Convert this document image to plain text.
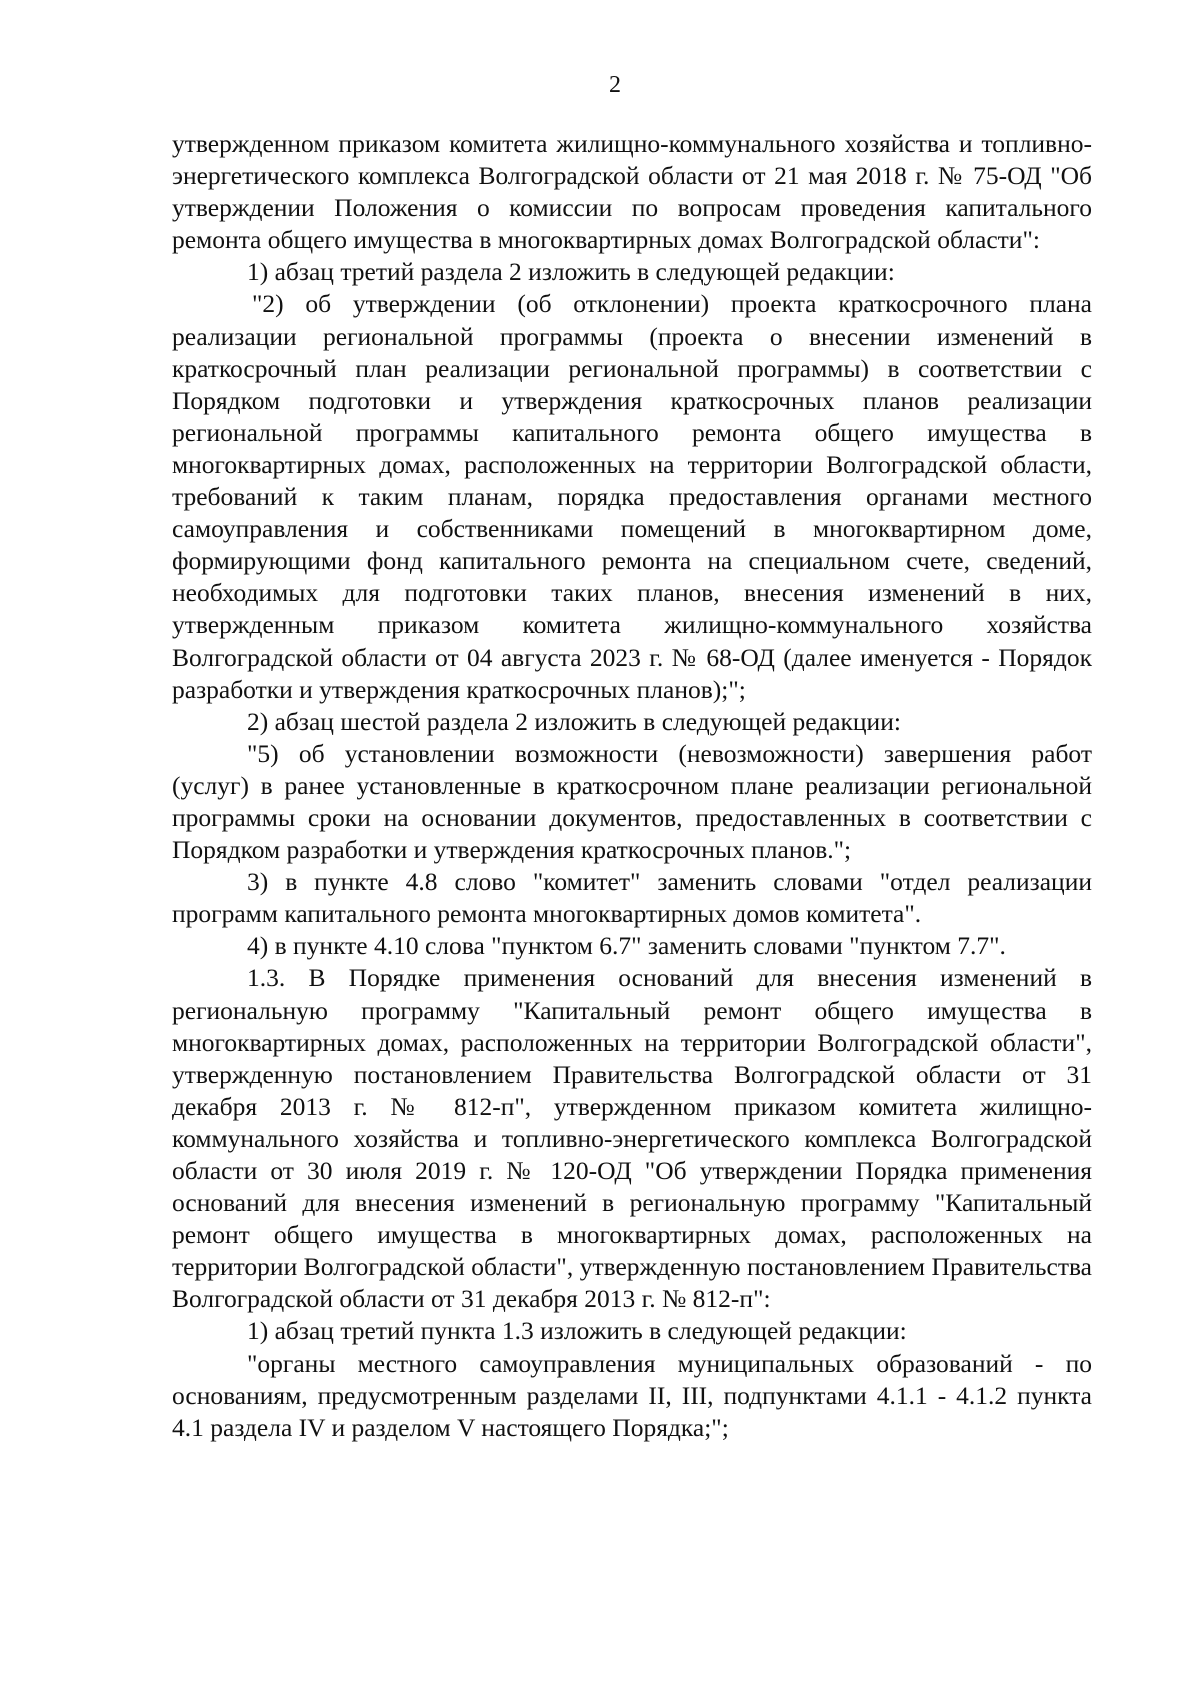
2

утвержденном приказом комитета жилищно-коммунального хозяйства и топливно-энергетического комплекса Волгоградской области от 21 мая 2018 г. № 75-ОД "Об утверждении Положения о комиссии по вопросам проведения капитального ремонта общего имущества в многоквартирных домах Волгоградской области":

1) абзац третий раздела 2 изложить в следующей редакции:

"2) об утверждении (об отклонении) проекта краткосрочного плана реализации региональной программы (проекта о внесении изменений в краткосрочный план реализации региональной программы) в соответствии с Порядком подготовки и утверждения краткосрочных планов реализации региональной программы капитального ремонта общего имущества в многоквартирных домах, расположенных на территории Волгоградской области, требований к таким планам, порядка предоставления органами местного самоуправления и собственниками помещений в многоквартирном доме, формирующими фонд капитального ремонта на специальном счете, сведений, необходимых для подготовки таких планов, внесения изменений в них, утвержденным приказом комитета жилищно-коммунального хозяйства Волгоградской области от 04 августа 2023 г. № 68-ОД (далее именуется - Порядок разработки и утверждения краткосрочных планов);";

2) абзац шестой раздела 2 изложить в следующей редакции:

"5) об установлении возможности (невозможности) завершения работ (услуг) в ранее установленные в краткосрочном плане реализации региональной программы сроки на основании документов, предоставленных в соответствии с Порядком разработки и утверждения краткосрочных планов.";

3) в пункте 4.8 слово "комитет" заменить словами "отдел реализации программ капитального ремонта многоквартирных домов комитета".

4) в пункте 4.10 слова "пунктом 6.7" заменить словами "пунктом 7.7".

1.3. В Порядке применения оснований для внесения изменений в региональную программу "Капитальный ремонт общего имущества в многоквартирных домах, расположенных на территории Волгоградской области", утвержденную постановлением Правительства Волгоградской области от 31 декабря 2013 г. № 812-п", утвержденном приказом комитета жилищно-коммунального хозяйства и топливно-энергетического комплекса Волгоградской области от 30 июля 2019 г. № 120-ОД "Об утверждении Порядка применения оснований для внесения изменений в региональную программу "Капитальный ремонт общего имущества в многоквартирных домах, расположенных на территории Волгоградской области", утвержденную постановлением Правительства Волгоградской области от 31 декабря 2013 г. № 812-п":

1) абзац третий пункта 1.3 изложить в следующей редакции:

"органы местного самоуправления муниципальных образований - по основаниям, предусмотренным разделами II, III, подпунктами 4.1.1 - 4.1.2 пункта 4.1 раздела IV и разделом V настоящего Порядка;";
